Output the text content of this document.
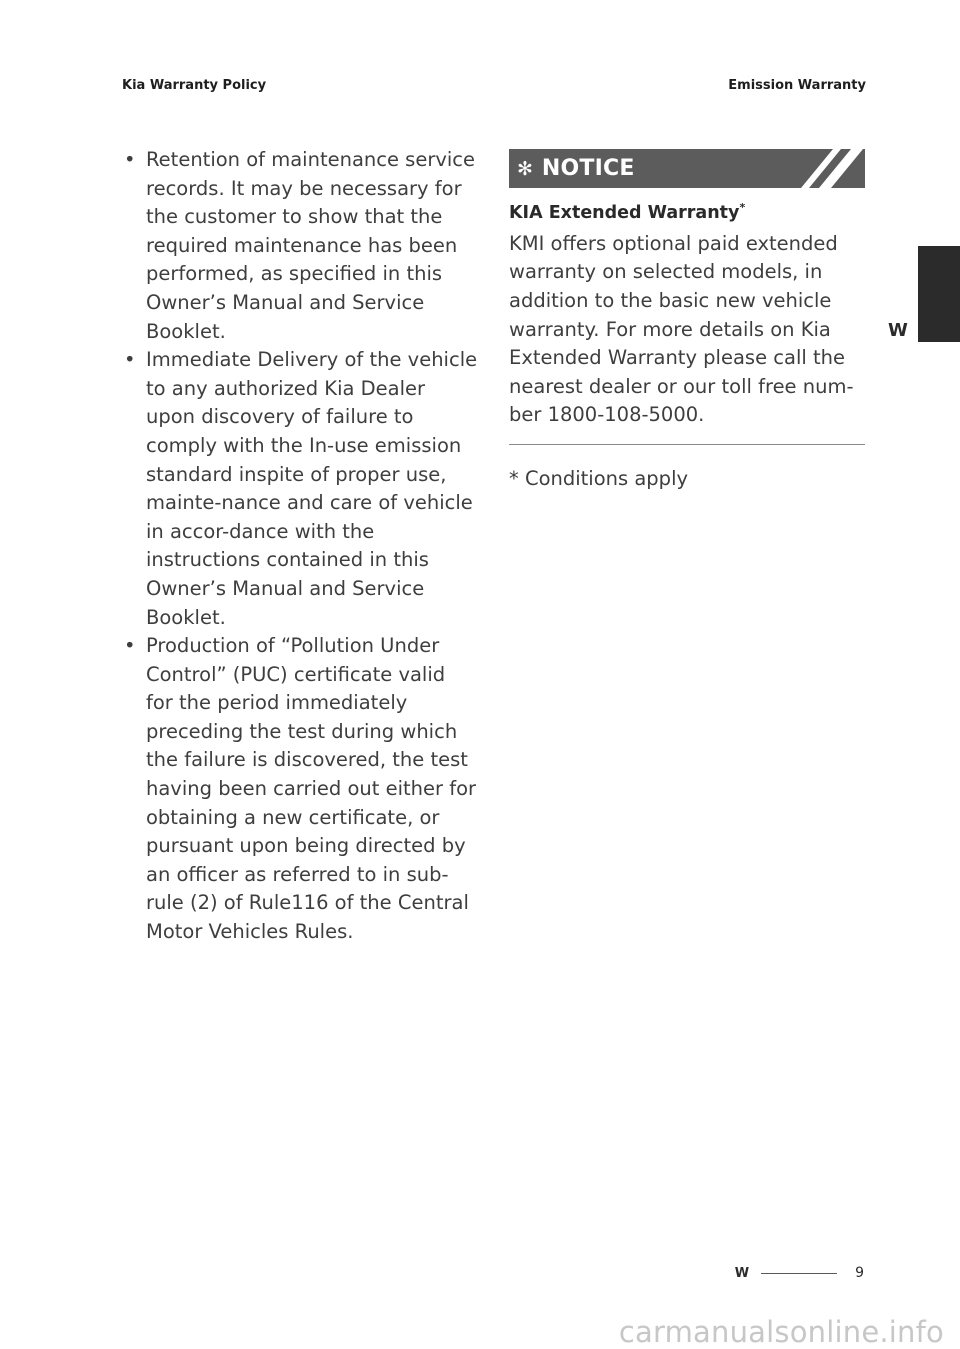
Kia Warranty Policy	Emission Warranty
• Retention of maintenance service records. It may be necessary for the customer to show that the required maintenance has been performed, as specified in this Owner’s Manual and Service Booklet.
• Immediate Delivery of the vehicle to any authorized Kia Dealer upon discovery of failure to comply with the In-use emission standard inspite of proper use, mainte-nance and care of vehicle in accor-dance with the instructions contained in this Owner’s Manual and Service Booklet.
• Production of “Pollution Under Control” (PUC) certificate valid for the period immediately preceding the test during which the failure is discovered, the test having been carried out either for obtaining a new certificate, or pursuant upon being directed by an officer as referred to in sub-rule (2) of Rule116 of the Central Motor Vehicles Rules.
✻ NOTICE
KIA Extended Warranty*
KMI offers optional paid extended warranty on selected models, in addition to the basic new vehicle warranty. For more details on Kia Extended Warranty please call the nearest dealer or our toll free num-ber 1800-108-5000.
* Conditions apply
W
W	9
carmanualsonline.info
